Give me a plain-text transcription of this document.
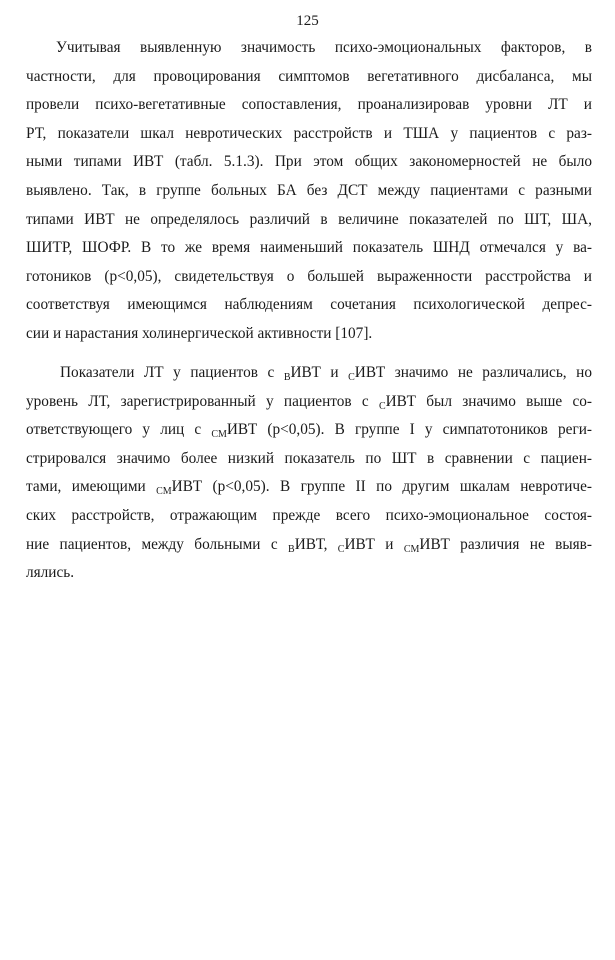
125
Учитывая выявленную значимость психо-эмоциональных факторов, в
частности, для провоцирования симптомов вегетативного дисбаланса, мы
провели психо-вегетативные сопоставления, проанализировав уровни ЛТ и
РТ, показатели шкал невротических расстройств и ТША у пациентов с раз-
ными типами ИВТ (табл. 5.1.3). При этом общих закономерностей не было
выявлено. Так, в группе больных БА без ДСТ между пациентами с разными
типами ИВТ не определялось различий в величине показателей по ШТ, ША,
ШИТР, ШОФР. В то же время наименьший показатель ШНД отмечался у ва-
готоников (р<0,05), свидетельствуя о большей выраженности расстройства и
соответствуя имеющимся наблюдениям сочетания психологической депрес-
сии и нарастания холинергической активности [107].
Показатели ЛТ у пациентов с $_В$ИВТ и $_С$ИВТ значимо не различались, но
уровень ЛТ, зарегистрированный у пациентов с $_С$ИВТ был значимо выше со-
ответствующего у лиц с $_{СМ}$ИВТ (р<0,05). В группе I у симпатотоников реги-
стрировался значимо более низкий показатель по ШТ в сравнении с пациен-
тами, имеющими $_{СМ}$ИВТ (р<0,05). В группе II по другим шкалам невротиче-
ских расстройств, отражающим прежде всего психо-эмоциональное состоя-
ние пациентов, между больными с $_В$ИВТ, $_С$ИВТ и $_{СМ}$ИВТ различия не выяв-
лялись.
